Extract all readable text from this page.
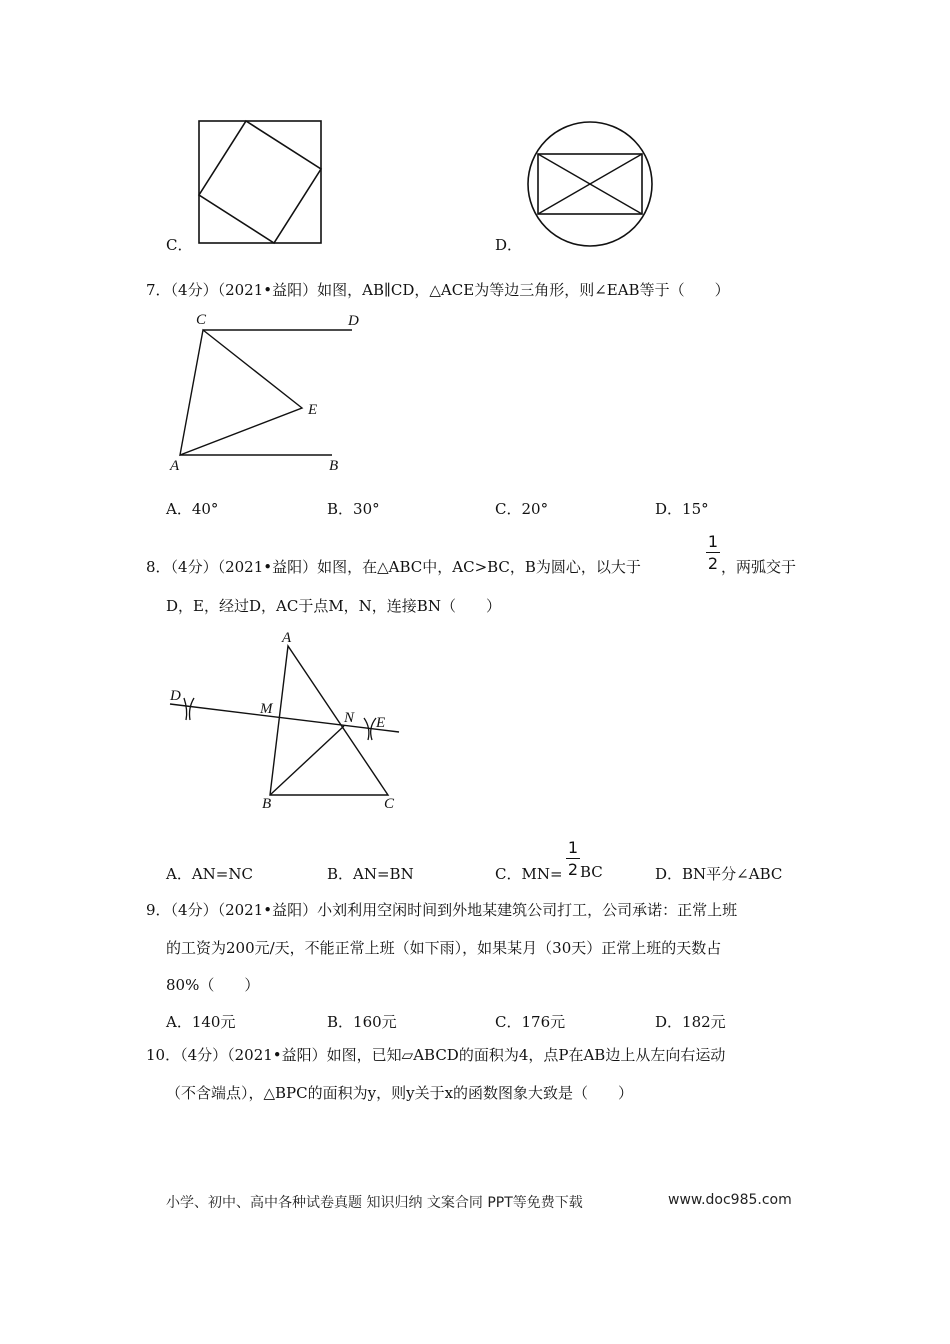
C．	D．
7．（4分）（2021•益阳）如图，AB∥CD，△ACE为等边三角形，则∠EAB等于（　　）
C	D
E
A	B
A．40°	B．30°	C．20°	D．15°
8．（4分）（2021•益阳）如图，在△ABC中，AC>BC，B为圆心，以大于
1
2 ，两弧交于
D，E，经过D，AC于点M，N，连接BN（　　）
A
D
M
N E
B	C
A．AN=NC	B．AN=BN	C．MN=
1
2 BC	D．BN平分∠ABC
9．（4分）（2021•益阳）小刘利用空闲时间到外地某建筑公司打工，公司承诺：正常上班
的工资为200元/天，不能正常上班（如下雨），如果某月（30天）正常上班的天数占
80%（　　）
A．140元	B．160元	C．176元	D．182元
10．（4分）（2021•益阳）如图，已知▱ABCD的面积为4，点P在AB边上从左向右运动
（不含端点），△BPC的面积为y，则y关于x的函数图象大致是（　　）
小学、初中、高中各种试卷真题 知识归纳 文案合同 PPT等免费下载	www.doc985.com
